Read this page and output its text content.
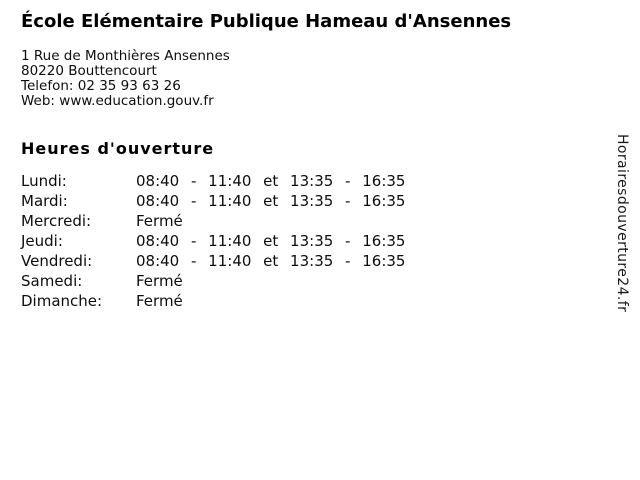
École Elémentaire Publique Hameau d'Ansennes
1 Rue de Monthières Ansennes
80220 Bouttencourt
Telefon: 02 35 93 63 26
Web: www.education.gouv.fr
Heures d'ouverture
Lundi:	08:40 - 11:40 et 13:35 - 16:35
Mardi:	08:40 - 11:40 et 13:35 - 16:35
Mercredi:	Fermé
Jeudi:	08:40 - 11:40 et 13:35 - 16:35
Vendredi:	08:40 - 11:40 et 13:35 - 16:35
Samedi:	Fermé
Dimanche:	Fermé	Horairesdouverture24.fr
